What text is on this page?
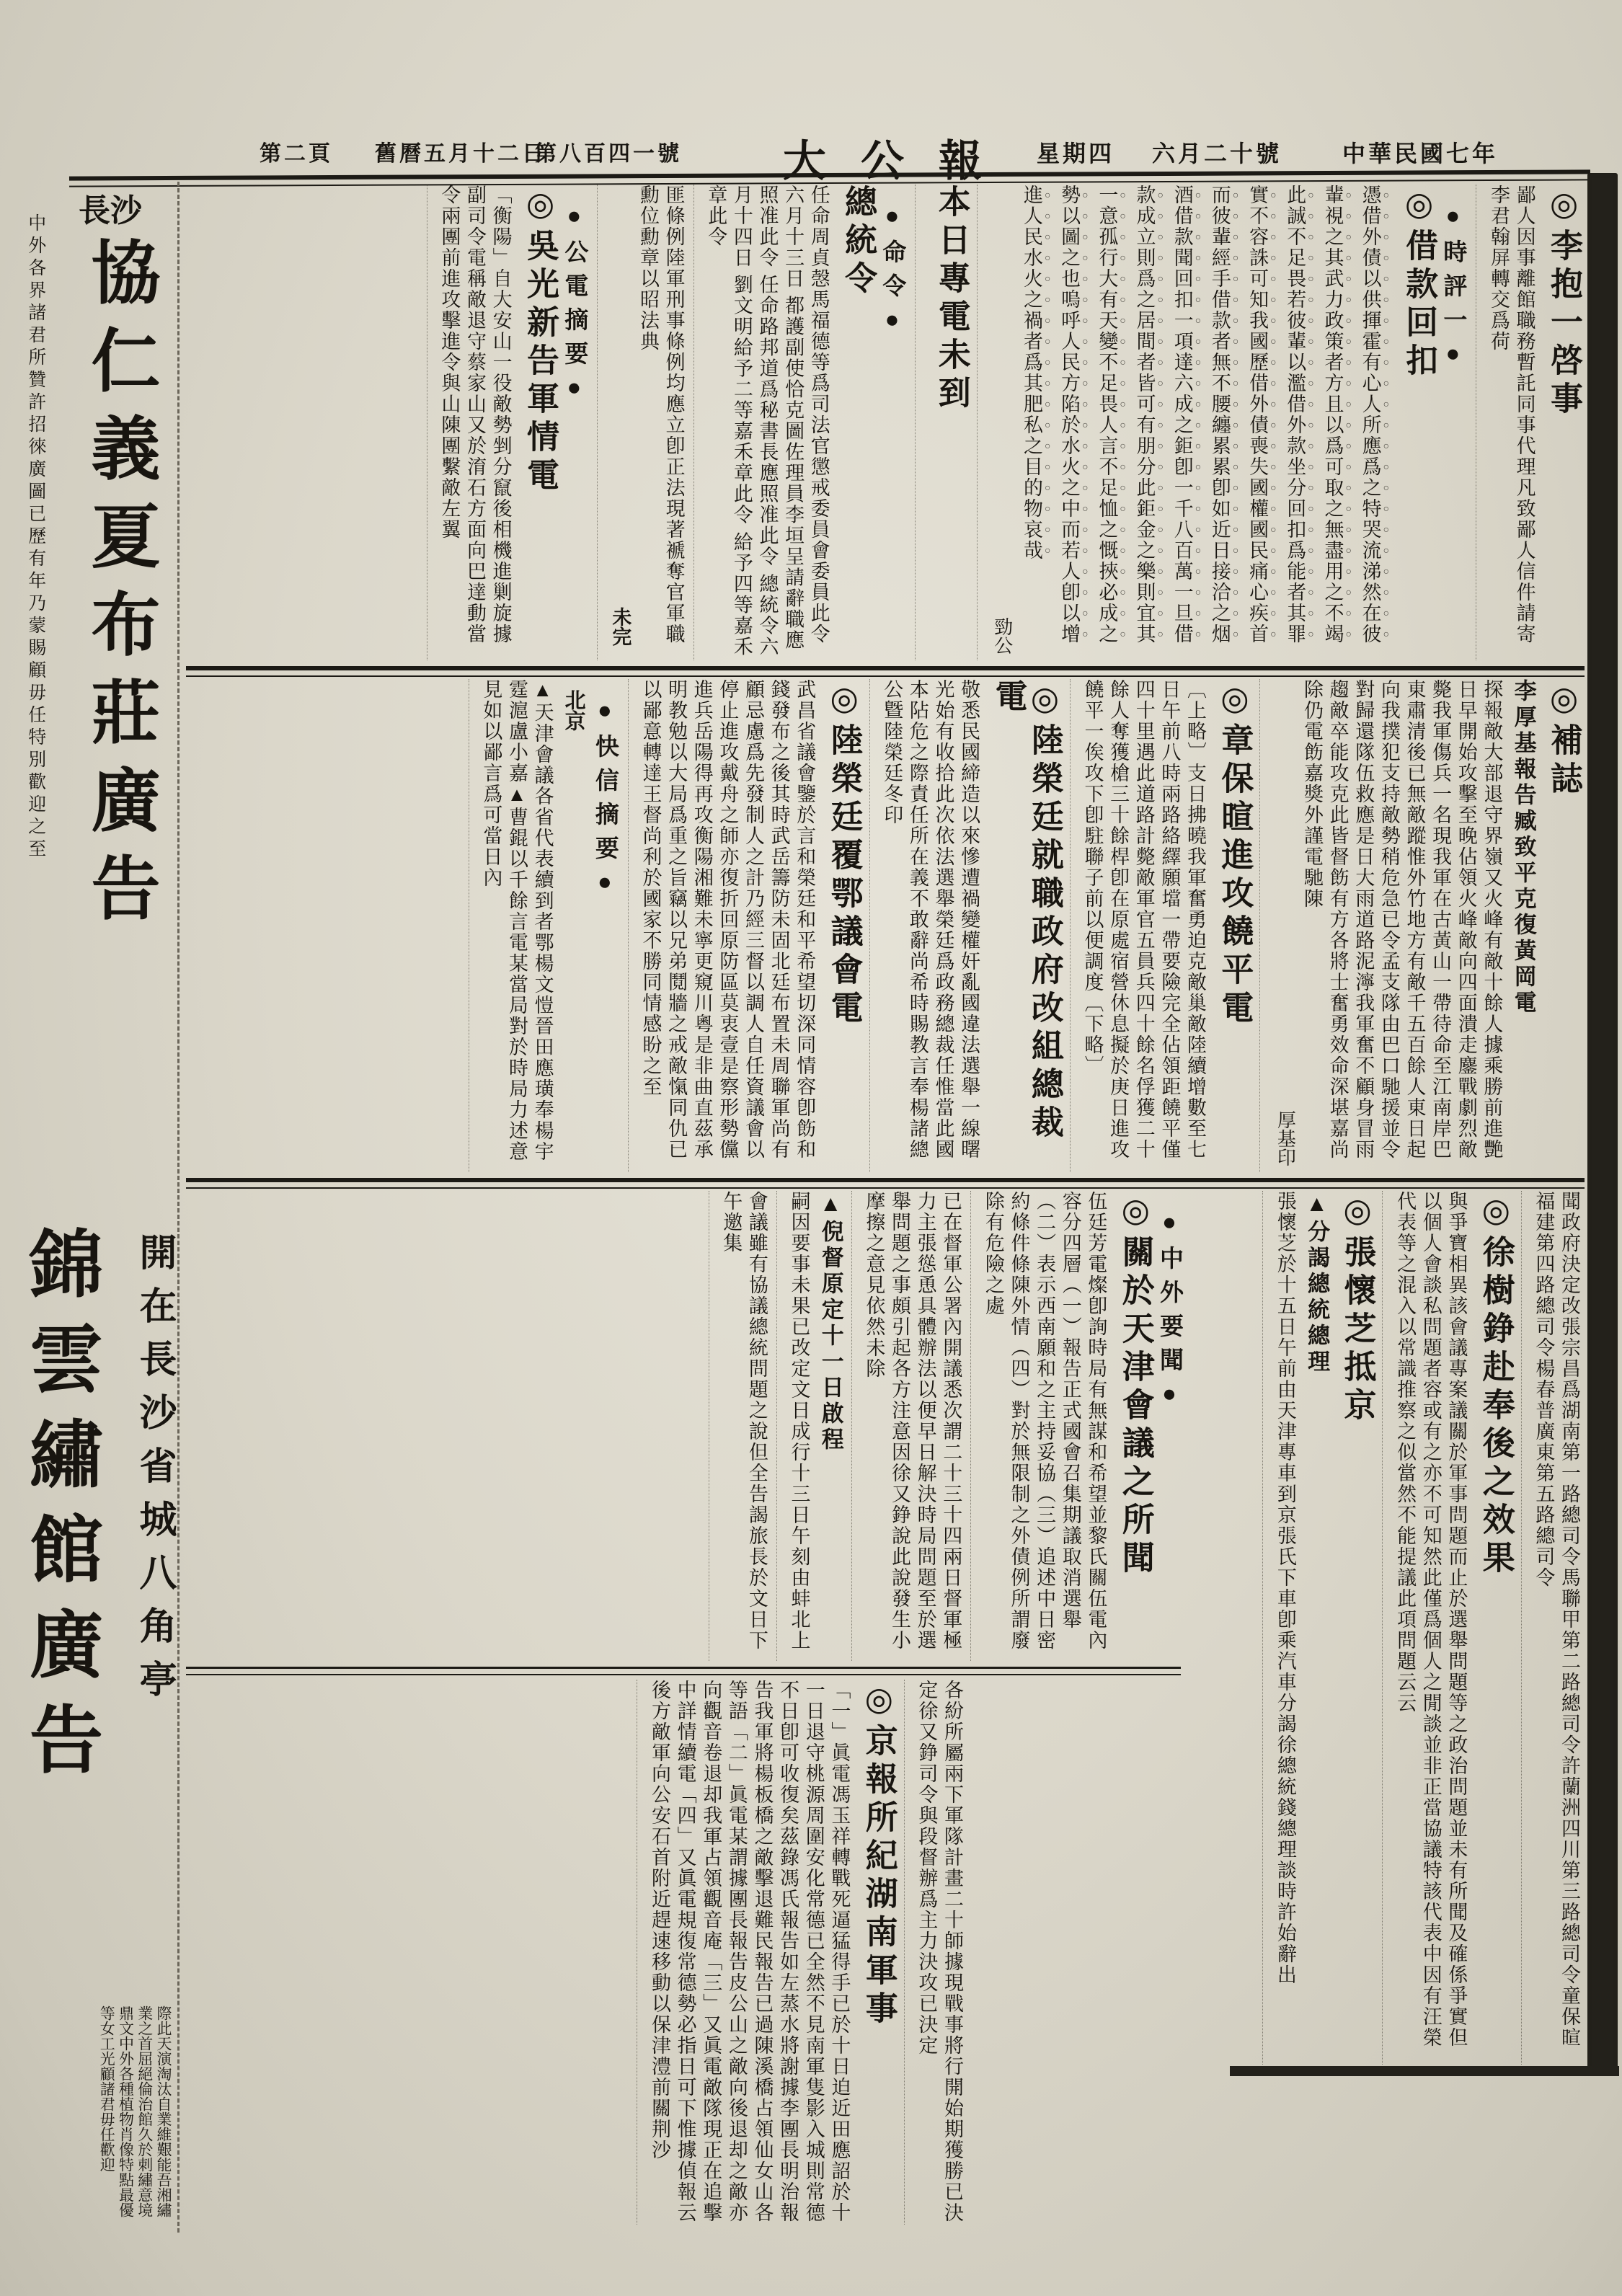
中華民國七年
六月二十號
星期四
大公報
第八百四一號
舊曆五月十二日
第二頁
長沙
協仁義夏布莊廣告
中外各界諸君所贊許招徠廣圖已歷有年乃蒙賜顧毋任特別歡迎之至
開在長沙省城八角亭
錦雲繡館廣告
際此天演淘汰自業維艱能吾湘繡業之首屈絕倫治館久於刺繡意境鼎文中外各種植物肖像特點最優等女工光顧諸君毋任歡迎
◎李抱一啓事
鄙人因事離館職務暫託同事代理凡致鄙人信件請寄李君翰屏轉交爲荷
●時評一●
◎借款回扣
憑借外債以供揮霍有心人所應爲之特哭流涕然在彼輩視之其武力政策者方且以爲可取之無盡用之不竭此誠不足畏若彼輩以濫借外款坐分回扣爲能者其罪實不容誅可知我國歷借外債喪失國權國民痛心疾首而彼輩經手借款者無不腰纏累累卽如近日接洽之烟酒借款聞回扣一項達六成之鉅卽一千八百萬一旦借款成立則爲之居間者皆可有朋分此鉅金之樂則宜其一意孤行大有天變不足畏人言不足恤之慨挾必成之勢以圖之也嗚呼人民方陷於水火之中而若人卽以增進人民水火之禍者爲其肥私之目的物哀哉
勁公
本日專電未到
●命令●
總統令
任命周貞愨馬福德等爲司法官懲戒委員會委員此令六月十三日 都護副使恰克圖佐理員李垣呈請辭職應照准此令 任命路邦道爲秘書長應照准此令 總統令六月十四日 劉文明給予二等嘉禾章此令 給予四等嘉禾章此令
匪條例陸軍刑事條例均應立卽正法現著褫奪官軍職勳位勳章以昭法典
未完
●公電摘要●
◎吳光新告軍情電
「衡陽」自大安山一役敵勢剉分竄後相機進剿旋據副司令電稱敵退守蔡家山又於淯石方面向巴達動當令兩團前進攻擊進令與山陳團繫敵左翼
◎補誌
李厚基報告臧致平克復黃岡電
探報敵大部退守界嶺又火峰有敵十餘人據乘勝前進艷日早開始攻擊至晚佔領火峰敵向四面潰走鏖戰劇烈敵斃我軍傷兵一名現我軍在古黃山一帶待命至江南岸巴東肅清後已無敵蹤惟外竹地方有敵千五百餘人東日起向我撲犯支持敵勢稍危急已令孟支隊由巴口馳援並令對歸還隊伍救應是日大雨道路泥濘我軍奮不顧身冒雨趨敵卒能攻克此皆督飭有方各將士奮勇效命深堪嘉尚除仍電飭嘉獎外謹電馳陳
厚基印
◎章保暄進攻饒平電
〔上略〕支日拂曉我軍奮勇迫克敵巢敵陸續增數至七日午前八時兩路絡繹願壋一帶要險完全佔領距饒平僅四十里遇此道路計斃敵軍官五員兵四十餘名俘獲二十餘人奪獲槍三十餘桿卽在原處宿營休息擬於庚日進攻饒平一俟攻下卽駐聯子前以便調度〔下略〕
◎陸榮廷就職政府改組總裁電
敬悉民國締造以來慘遭禍變權奸亂國違法選舉一線曙光始有收拾此次依法選舉榮廷爲政務總裁任惟當此國本阽危之際責任所在義不敢辭尚希時賜教言奉楊諸總公曁陸榮廷冬印
◎陸榮廷覆鄂議會電
武昌省議會鑒於言和榮廷和平希望切深同情容卽飭和錢發布之後其時武岳籌防未固北廷布置未周聯軍尚有顧忌慮爲先發制人之計乃經三督以調人自任資議會以停止進攻戴舟之師亦復折回原防區莫衷壹是察形勢儻進兵岳陽得再攻衡陽湘難未寧更窺川粵是非曲直茲承明教勉以大局爲重之旨竊以兄弟鬩牆之戒敵愾同仇已以鄙意轉達王督尚利於國家不勝同情感盼之至
●快信摘要●
北京
▲天津會議各省代表續到者鄂楊文愷晉田應璜奉楊宇霆滬盧小嘉▲曹錕以千餘言電某當局對於時局力述意見如以鄙言爲可當日內
聞政府決定改張宗昌爲湖南第一路總司令馬聯甲第二路總司令許蘭洲四川第三路總司令童保暄福建第四路總司令楊春普廣東第五路總司令
◎徐樹錚赴奉後之效果
與爭寶相異該會議專案議關於軍事問題而止於選舉問題等之政治問題並未有所聞及確係爭實但以個人會談私問題者容或有之亦不可知然此僅爲個人之閒談並非正當協議特該代表中因有汪榮代表等之混入以常識推察之似當然不能提議此項問題云云
◎張懷芝抵京
▲分謁總統總理
張懷芝於十五日午前由天津專車到京張氏下車卽乘汽車分謁徐總統錢總理談時許始辭出
●中外要聞●
◎關於天津會議之所聞
伍廷芳電燦卽詢時局有無謀和希望並黎氏關伍電內容分四層（一）報告正式國會召集期議取消選舉（二）表示西南願和之主持妥協（三）追述中日密約條件條陳外情（四）對於無限制之外債例所謂廢除有危險之處
已在督軍公署內開議悉次謂二十三十四兩日督軍極力主張慫恿具體辦法以便早日解決時局問題至於選舉問題之事頗引起各方注意因徐又錚說此說發生小摩擦之意見依然未除
▲倪督原定十一日啟程
嗣因要事未果已改定文日成行十三日午刻由蚌北上
會議雖有協議總統問題之說但全告謁旅長於文日下午邀集
各紛所屬兩下軍隊計畫二十師據現戰事將行開始期獲勝已決定徐又錚司令與段督辦爲主力決攻已決定
◎京報所紀湖南軍事
「一」眞電馮玉祥轉戰死逼猛得手已於十日迫近田應詔於十一日退守桃源周圍安化常德已全然不見南軍隻影入城則常德不日卽可收復矣茲錄馮氏報告如左蒸水將謝據李團長明治報告我軍將楊板橋之敵擊退難民報告已過陳溪橋占領仙女山各等語「二」眞電某謂據團長報告皮公山之敵向後退却之敵亦向觀音卷退却我軍占領觀音庵「三」又眞電敵隊現正在追擊中詳情續電「四」又眞電規復常德勢必指日可下惟據偵報云後方敵軍向公安石首附近趕速移動以保津澧前關荆沙
